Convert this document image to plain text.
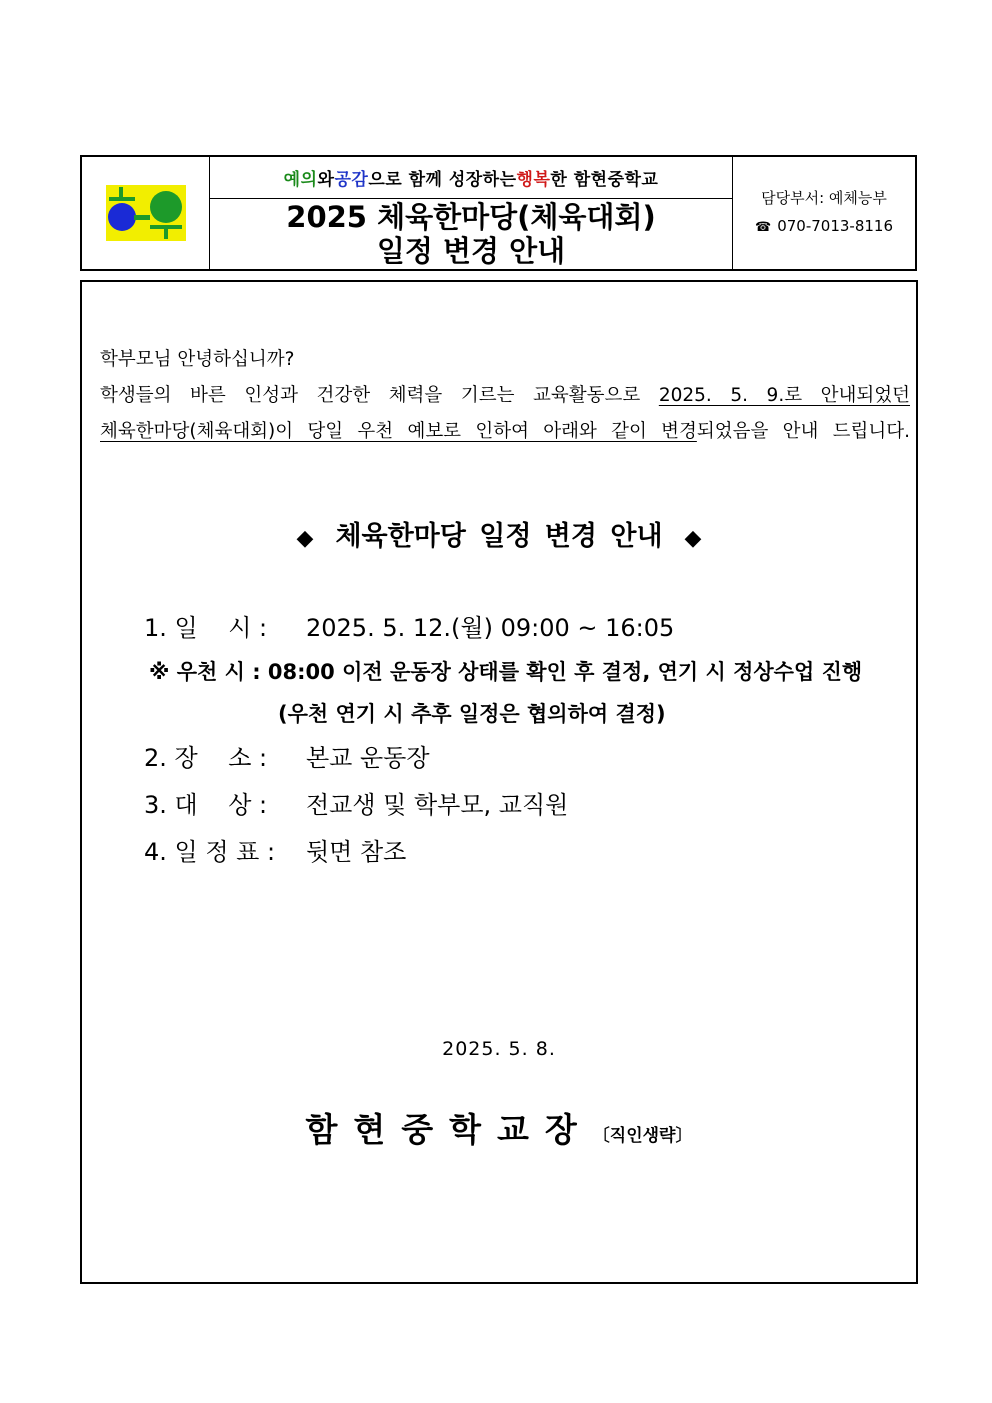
예의 와 공감 으로 함께 성장하는 행복 한 함현중학교
2025 체육한마당(체육대회)
일정 변경 안내
담당부서: 예체능부
☎ 070-7013-8116

학부모님 안녕하십니까?

학생들의 바른 인성과 건강한 체력을 기르는 교육활동으로 2025. 5. 9.로 안내되었던

체육한마당(체육대회)이 당일 우천 예보로 인하여 아래와 같이 변경되었음을 안내 드립니다.

◆ 체육한마당 일정 변경 안내 ◆
1. 일    시 : 2025. 5. 12.(월) 09:00 ~ 16:05
※ 우천 시 : 08:00 이전 운동장 상태를 확인 후 결정, 연기 시 정상수업 진행
(우천 연기 시 추후 일정은 협의하여 결정)
2. 장    소 : 본교 운동장
3. 대    상 : 전교생 및 학부모, 교직원
4. 일 정 표 : 뒷면 참조
2025. 5. 8.
함현중학교장〔직인생략〕
